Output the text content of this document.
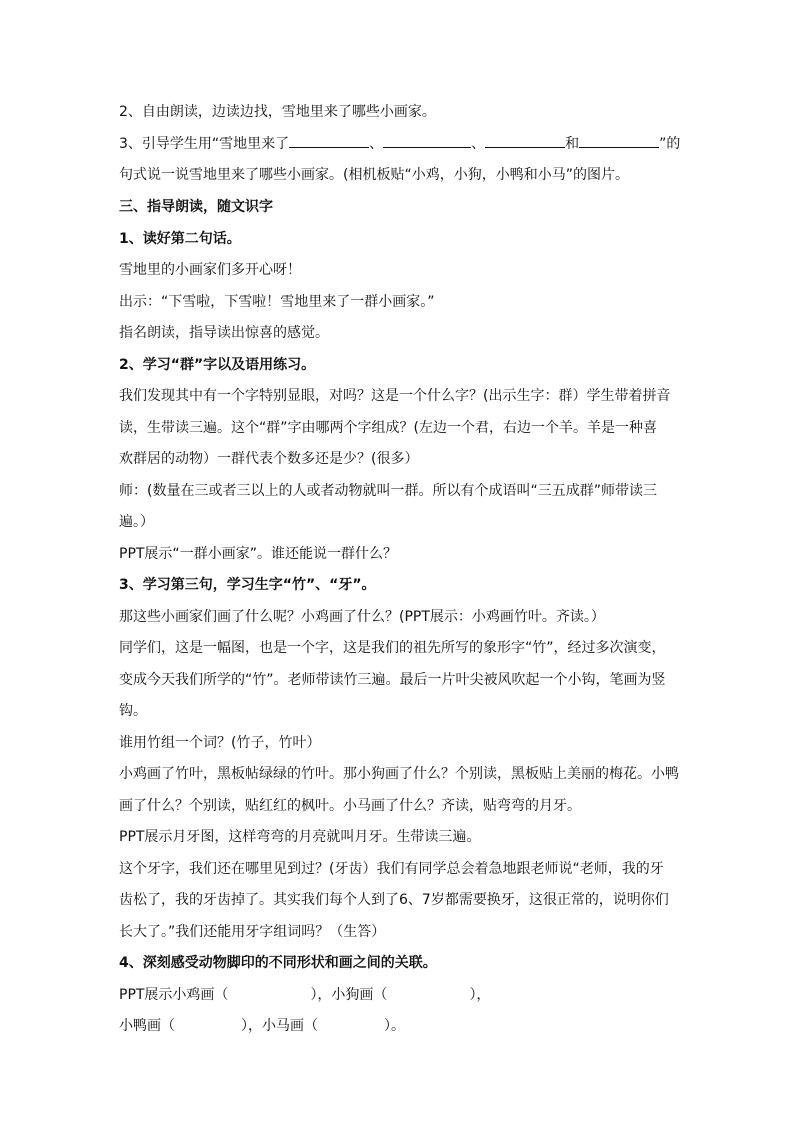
2、自由朗读，边读边找，雪地里来了哪些小画家。
3、引导学生用“雪地里来了	、	、	和	”的
句式说一说雪地里来了哪些小画家。(相机板贴“小鸡，小狗，小鸭和小马”的图片。
三、指导朗读，随文识字
1、读好第二句话。
雪地里的小画家们多开心呀！
出示：“下雪啦，下雪啦！雪地里来了一群小画家。”
指名朗读，指导读出惊喜的感觉。
2、学习“群”字以及语用练习。
我们发现其中有一个字特别显眼，对吗？这是一个什么字？(出示生字：群）学生带着拼音
读，生带读三遍。这个“群”字由哪两个字组成？(左边一个君，右边一个羊。羊是一种喜
欢群居的动物）一群代表个数多还是少？(很多）
师：(数量在三或者三以上的人或者动物就叫一群。所以有个成语叫“三五成群”师带读三
遍。）
PPT展示“一群小画家”。谁还能说一群什么？
3、学习第三句，学习生字“竹”、“牙”。
那这些小画家们画了什么呢？小鸡画了什么？(PPT展示：小鸡画竹叶。齐读。）
同学们，这是一幅图，也是一个字，这是我们的祖先所写的象形字“竹”，经过多次演变，
变成今天我们所学的“竹”。老师带读竹三遍。最后一片叶尖被风吹起一个小钩，笔画为竖
钩。
谁用竹组一个词？(竹子，竹叶）
小鸡画了竹叶，黑板帖绿绿的竹叶。那小狗画了什么？个别读，黑板贴上美丽的梅花。小鸭
画了什么？个别读，贴红红的枫叶。小马画了什么？齐读，贴弯弯的月牙。
PPT展示月牙图，这样弯弯的月亮就叫月牙。生带读三遍。
这个牙字，我们还在哪里见到过？(牙齿）我们有同学总会着急地跟老师说“老师，我的牙
齿松了，我的牙齿掉了。其实我们每个人到了6、7岁都需要换牙，这很正常的，说明你们
长大了。”我们还能用牙字组词吗？（生答）
4、深刻感受动物脚印的不同形状和画之间的关联。
PPT展示小鸡画（	），小狗画（	），
小鸭画（	），小马画（	）。
